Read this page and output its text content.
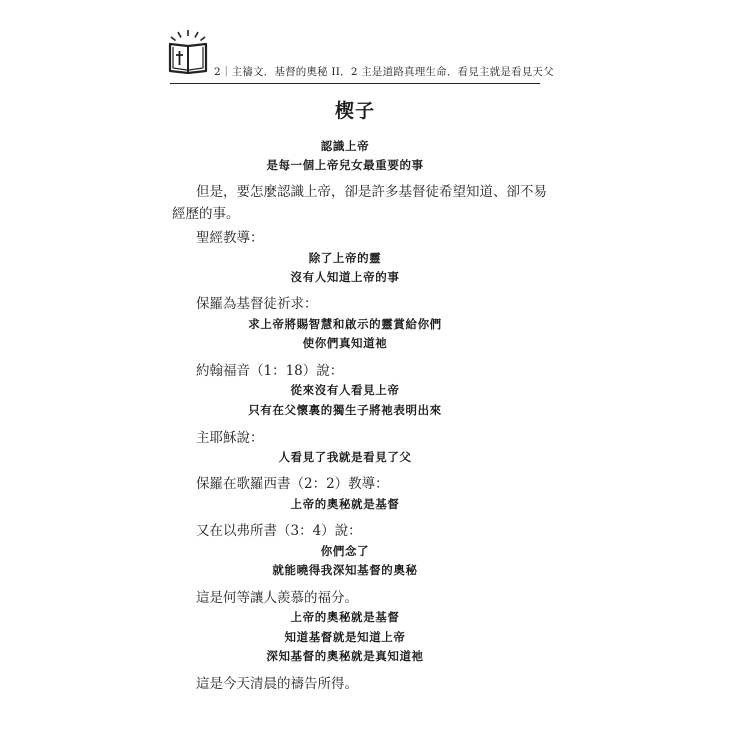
2｜主禱文．基督的奧秘 II．2 主是道路真理生命．看見主就是看見天父
楔子
認識上帝
是每一個上帝兒女最重要的事
但是，要怎麼認識上帝，卻是許多基督徒希望知道、卻不易
經歷的事。
聖經教導：
除了上帝的靈
沒有人知道上帝的事
保羅為基督徒祈求：
求上帝將賜智慧和啟示的靈賞給你們
使你們真知道祂
約翰福音（1：18）說：
從來沒有人看見上帝
只有在父懷裏的獨生子將祂表明出來
主耶穌說：
人看見了我就是看見了父
保羅在歌羅西書（2：2）教導：
上帝的奧秘就是基督
又在以弗所書（3：4）說：
你們念了
就能曉得我深知基督的奧秘
這是何等讓人羨慕的福分。
上帝的奧秘就是基督
知道基督就是知道上帝
深知基督的奧秘就是真知道祂
這是今天清晨的禱告所得。
